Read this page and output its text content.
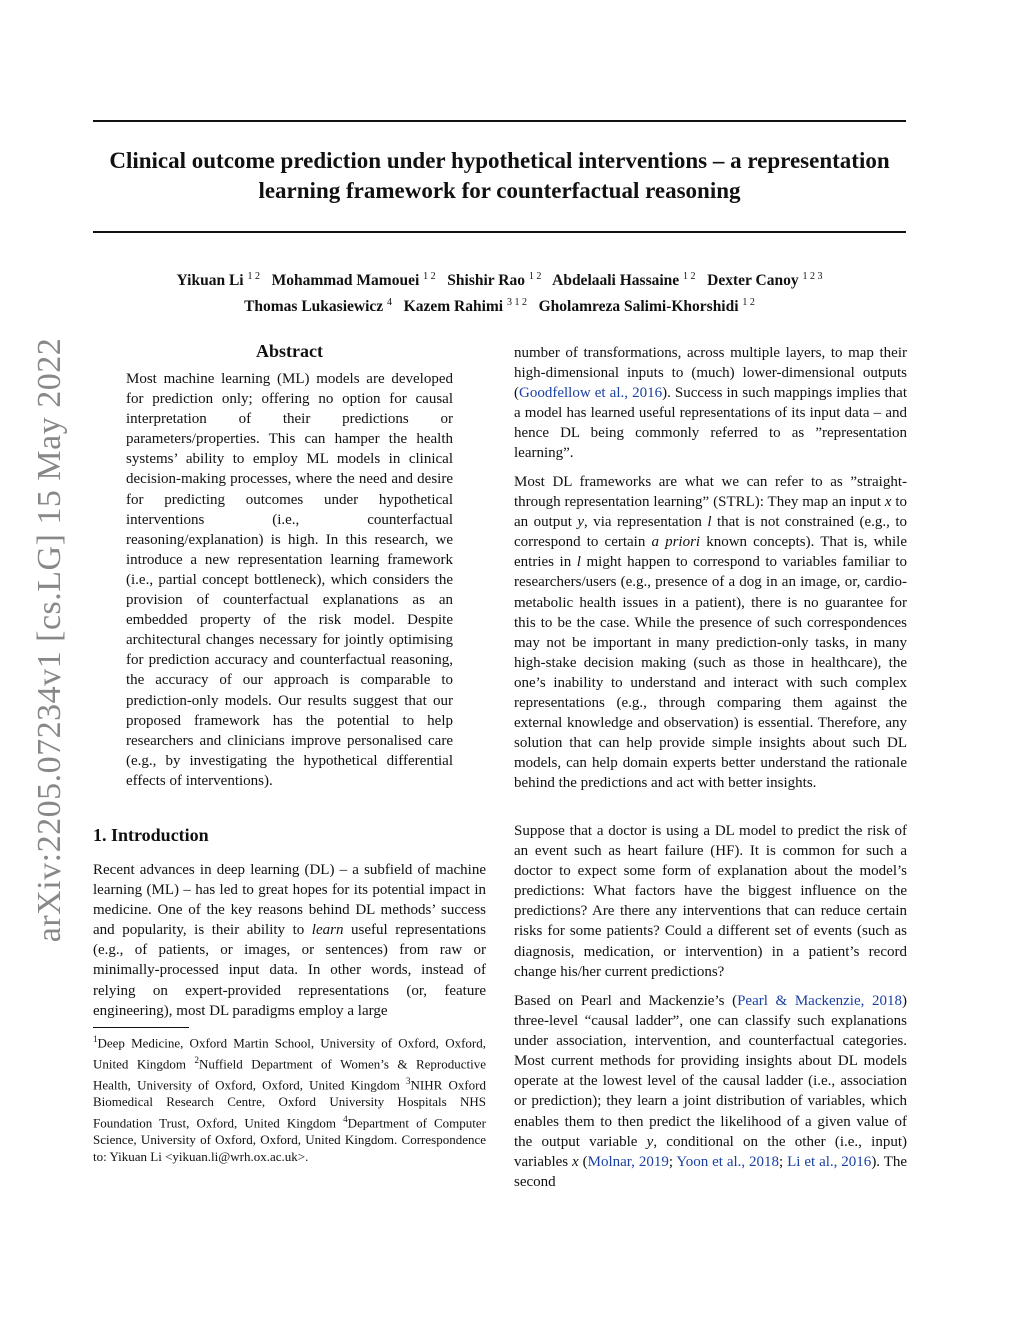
Clinical outcome prediction under hypothetical interventions – a representation learning framework for counterfactual reasoning
Yikuan Li $^{1 2}$ Mohammad Mamouei $^{1 2}$ Shishir Rao $^{1 2}$ Abdelaali Hassaine $^{1 2}$ Dexter Canoy $^{1 2 3}$
Thomas Lukasiewicz $^4$ Kazem Rahimi $^{3 1 2}$ Gholamreza Salimi-Khorshidi $^{1 2}$
arXiv:2205.07234v1 [cs.LG] 15 May 2022	Abstract
Most machine learning (ML) models are developed for prediction only; offering no option for causal interpretation of their predictions or parameters/properties. This can hamper the health systems’ ability to employ ML models in clinical decision-making processes, where the need and desire for predicting outcomes under hypothetical interventions (i.e., counterfactual reasoning/explanation) is high. In this research, we introduce a new representation learning framework (i.e., partial concept bottleneck), which considers the provision of counterfactual explanations as an embedded property of the risk model. Despite architectural changes necessary for jointly optimising for prediction accuracy and counterfactual reasoning, the accuracy of our approach is comparable to prediction-only models. Our results suggest that our proposed framework has the potential to help researchers and clinicians improve personalised care (e.g., by investigating the hypothetical differential effects of interventions).
1. Introduction
Recent advances in deep learning (DL) – a subfield of machine learning (ML) – has led to great hopes for its potential impact in medicine. One of the key reasons behind DL methods’ success and popularity, is their ability to learn useful representations (e.g., of patients, or images, or sentences) from raw or minimally-processed input data. In other words, instead of relying on expert-provided representations (or, feature engineering), most DL paradigms employ a large
$^1$Deep Medicine, Oxford Martin School, University of Oxford, Oxford, United Kingdom $^2$Nuffield Department of Women’s & Reproductive Health, University of Oxford, Oxford, United Kingdom $^3$NIHR Oxford Biomedical Research Centre, Oxford University Hospitals NHS Foundation Trust, Oxford, United Kingdom $^4$Department of Computer Science, University of Oxford, Oxford, United Kingdom. Correspondence to: Yikuan Li <yikuan.li@wrh.ox.ac.uk>.

number of transformations, across multiple layers, to map their high-dimensional inputs to (much) lower-dimensional outputs (Goodfellow et al., 2016). Success in such mappings implies that a model has learned useful representations of its input data – and hence DL being commonly referred to as ”representation learning”.

Most DL frameworks are what we can refer to as ”straight-through representation learning” (STRL): They map an input x to an output y, via representation l that is not constrained (e.g., to correspond to certain a priori known concepts). That is, while entries in l might happen to correspond to variables familiar to researchers/users (e.g., presence of a dog in an image, or, cardio-metabolic health issues in a patient), there is no guarantee for this to be the case. While the presence of such correspondences may not be important in many prediction-only tasks, in many high-stake decision making (such as those in healthcare), the one’s inability to understand and interact with such complex representations (e.g., through comparing them against the external knowledge and observation) is essential. Therefore, any solution that can help provide simple insights about such DL models, can help domain experts better understand the rationale behind the predictions and act with better insights.

Suppose that a doctor is using a DL model to predict the risk of an event such as heart failure (HF). It is common for such a doctor to expect some form of explanation about the model’s predictions: What factors have the biggest influence on the predictions? Are there any interventions that can reduce certain risks for some patients? Could a different set of events (such as diagnosis, medication, or intervention) in a patient’s record change his/her current predictions?

Based on Pearl and Mackenzie’s (Pearl & Mackenzie, 2018) three-level “causal ladder”, one can classify such explanations under association, intervention, and counterfactual categories. Most current methods for providing insights about DL models operate at the lowest level of the causal ladder (i.e., association or prediction); they learn a joint distribution of variables, which enables them to then predict the likelihood of a given value of the output variable y, conditional on the other (i.e., input) variables x (Molnar, 2019; Yoon et al., 2018; Li et al., 2016). The second
